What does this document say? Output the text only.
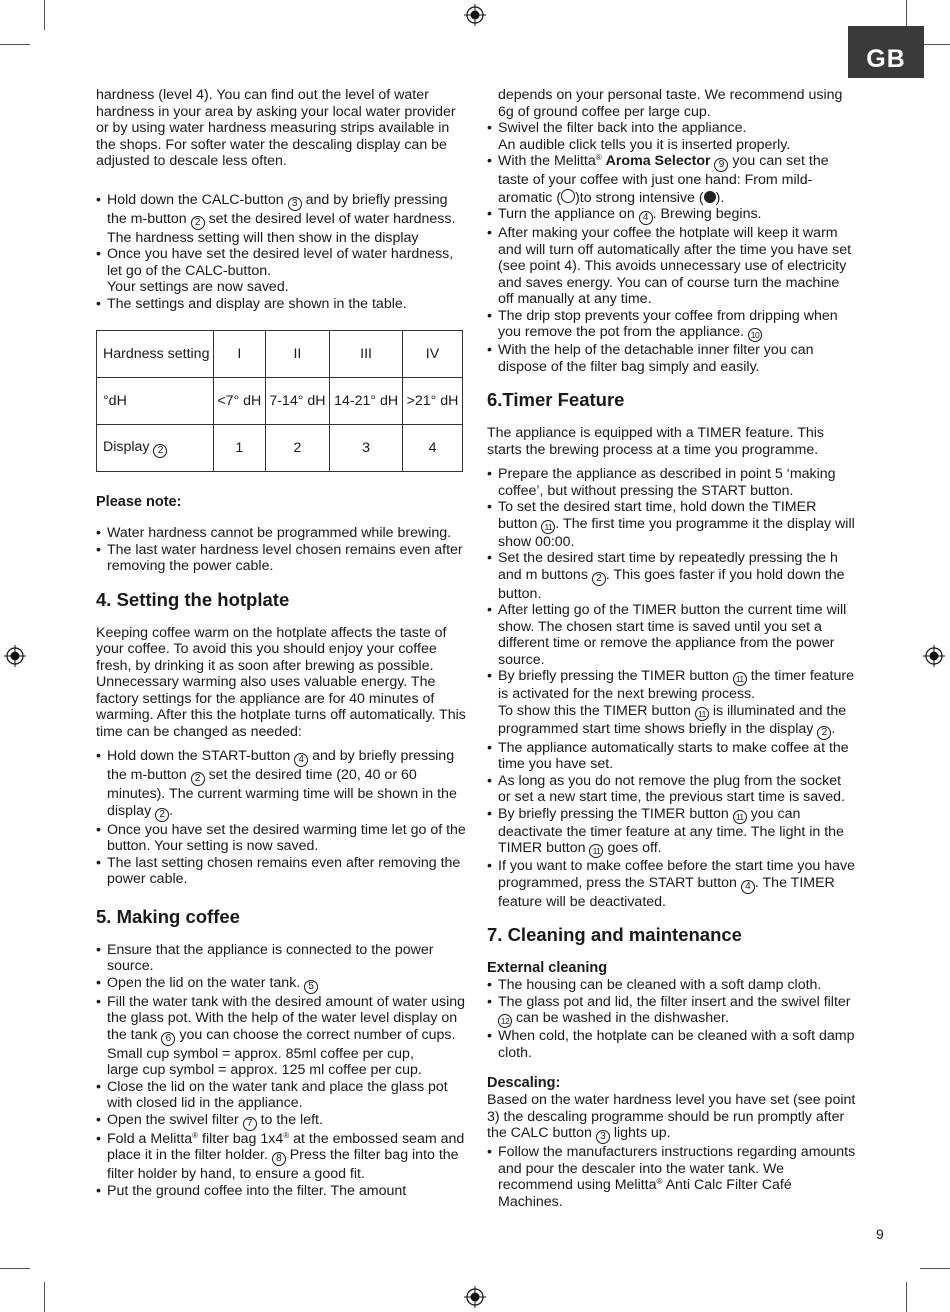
GB

hardness (level 4). You can find out the level of water hardness in your area by asking your local water provider or by using water hardness measuring strips available in the shops. For softer water the descaling display can be adjusted to descale less often.

• Hold down the CALC-button 3 and by briefly pressing the m-button 2 set the desired level of water hardness. The hardness setting will then show in the display
• Once you have set the desired level of water hardness, let go of the CALC-button.
Your settings are now saved.
• The settings and display are shown in the table.
Hardness setting	I	II	III	IV
°dH	<7° dH	7-14° dH	14-21° dH	>21° dH
Display 2	1	2	3	4
Please note:
• Water hardness cannot be programmed while brewing.
• The last water hardness level chosen remains even after removing the power cable.
4. Setting the hotplate

Keeping coffee warm on the hotplate affects the taste of your coffee. To avoid this you should enjoy your coffee fresh, by drinking it as soon after brewing as possible. Unnecessary warming also uses valuable energy. The factory settings for the appliance are for 40 minutes of warming. After this the hotplate turns off automatically. This time can be changed as needed:

• Hold down the START-button 4 and by briefly pressing the m-button 2 set the desired time (20, 40 or 60 minutes). The current warming time will be shown in the display 2 .
• Once you have set the desired warming time let go of the button. Your setting is now saved.
• The last setting chosen remains even after removing the power cable.
5. Making coffee
• Ensure that the appliance is connected to the power source.
• Open the lid on the water tank. 5
• Fill the water tank with the desired amount of water using the glass pot. With the help of the water level display on the tank 6 you can choose the correct number of cups.
Small cup symbol = approx. 85ml coffee per cup,
large cup symbol = approx. 125 ml coffee per cup.
• Close the lid on the water tank and place the glass pot with closed lid in the appliance.
• Open the swivel filter 7 to the left.
• Fold a Melitta® filter bag 1x4® at the embossed seam and place it in the filter holder. 8 Press the filter bag into the filter holder by hand, to ensure a good fit.
• Put the ground coffee into the filter. The amount

depends on your personal taste. We recommend using 6g of ground coffee per large cup.

• Swivel the filter back into the appliance.
An audible click tells you it is inserted properly.
• With the Melitta® Aroma Selector 9 you can set the taste of your coffee with just one hand: From mild-aromatic ( )to strong intensive ( ).
• Turn the appliance on 4 . Brewing begins.
• After making your coffee the hotplate will keep it warm and will turn off automatically after the time you have set (see point 4). This avoids unnecessary use of electricity and saves energy. You can of course turn the machine off manually at any time.
• The drip stop prevents your coffee from dripping when you remove the pot from the appliance. 10
• With the help of the detachable inner filter you can dispose of the filter bag simply and easily.
6.Timer Feature

The appliance is equipped with a TIMER feature. This starts the brewing process at a time you programme.

• Prepare the appliance as described in point 5 ‘making coffee’, but without pressing the START button.
• To set the desired start time, hold down the TIMER button 11 . The first time you programme it the display will show 00:00.
• Set the desired start time by repeatedly pressing the h and m buttons 2 . This goes faster if you hold down the button.
• After letting go of the TIMER button the current time will show. The chosen start time is saved until you set a different time or remove the appliance from the power source.
• By briefly pressing the TIMER button 11 the timer feature is activated for the next brewing process.
To show this the TIMER button 11 is illuminated and the programmed start time shows briefly in the display 2 .
• The appliance automatically starts to make coffee at the time you have set.
• As long as you do not remove the plug from the socket or set a new start time, the previous start time is saved.
• By briefly pressing the TIMER button 11 you can deactivate the timer feature at any time. The light in the TIMER button 11 goes off.
• If you want to make coffee before the start time you have programmed, press the START button 4 . The TIMER feature will be deactivated.
7. Cleaning and maintenance
External cleaning
• The housing can be cleaned with a soft damp cloth.
• The glass pot and lid, the filter insert and the swivel filter 12 can be washed in the dishwasher.
• When cold, the hotplate can be cleaned with a soft damp cloth.
Descaling:

Based on the water hardness level you have set (see point 3) the descaling programme should be run promptly after the CALC button 3 lights up.

• Follow the manufacturers instructions regarding amounts and pour the descaler into the water tank. We recommend using Melitta® Anti Calc Filter Café Machines.
9
